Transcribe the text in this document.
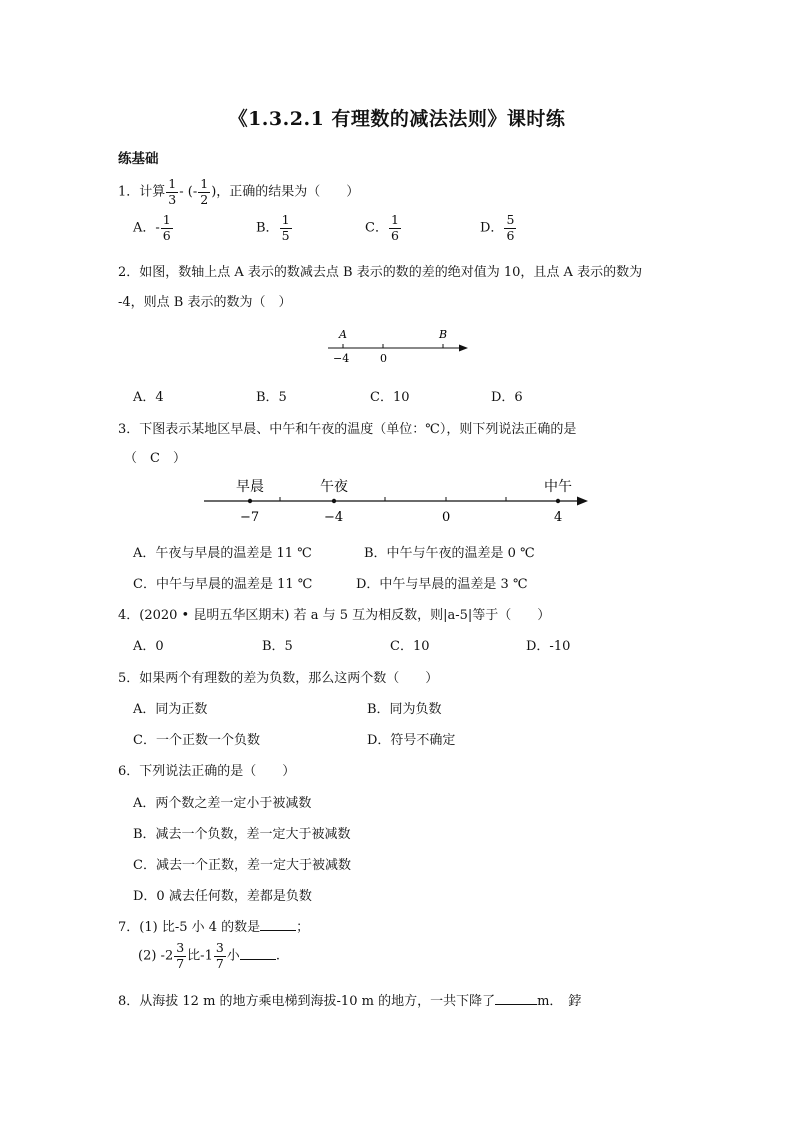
《1.3.2.1 有理数的减法法则》课时练
练基础
1．计算 $\frac{1}{3}$ - (- $\frac{1}{2}$ )，正确的结果为（　　）
A．- $\frac{1}{6}$	B． $\frac{1}{5}$	C． $\frac{1}{6}$	D． $\frac{5}{6}$
2．如图，数轴上点 A 表示的数减去点 B 表示的数的差的绝对值为 10，且点 A 表示的数为
-4，则点 B 表示的数为（　）
A	B
−4	0
A．4	B．5	C．10	D．6
3．下图表示某地区早晨、中午和午夜的温度（单位：℃），则下列说法正确的是
（　C　）
早晨	午夜	中午
−7	−4	0	4
A．午夜与早晨的温差是 11 ℃	B．中午与午夜的温差是 0 ℃
C．中午与早晨的温差是 11 ℃	D．中午与早晨的温差是 3 ℃
4．(2020 • 昆明五华区期末) 若 a 与 5 互为相反数，则|a-5|等于（　　）
A．0	B．5	C．10	D．-10
5．如果两个有理数的差为负数，那么这两个数（　　）
A．同为正数	B．同为负数
C．一个正数一个负数	D．符号不确定
6．下列说法正确的是（　　）
A．两个数之差一定小于被减数
B．减去一个负数，差一定大于被减数
C．减去一个正数，差一定大于被减数
D．0 减去任何数，差都是负数
7．(1) 比-5 小 4 的数是	；
(2) $-2 \frac{3}{7}$ 比$-1 \frac{3}{7}$ 小	.
8．从海拔 12 m 的地方乘电梯到海拔-10 m 的地方，一共下降了	m． 鋍
